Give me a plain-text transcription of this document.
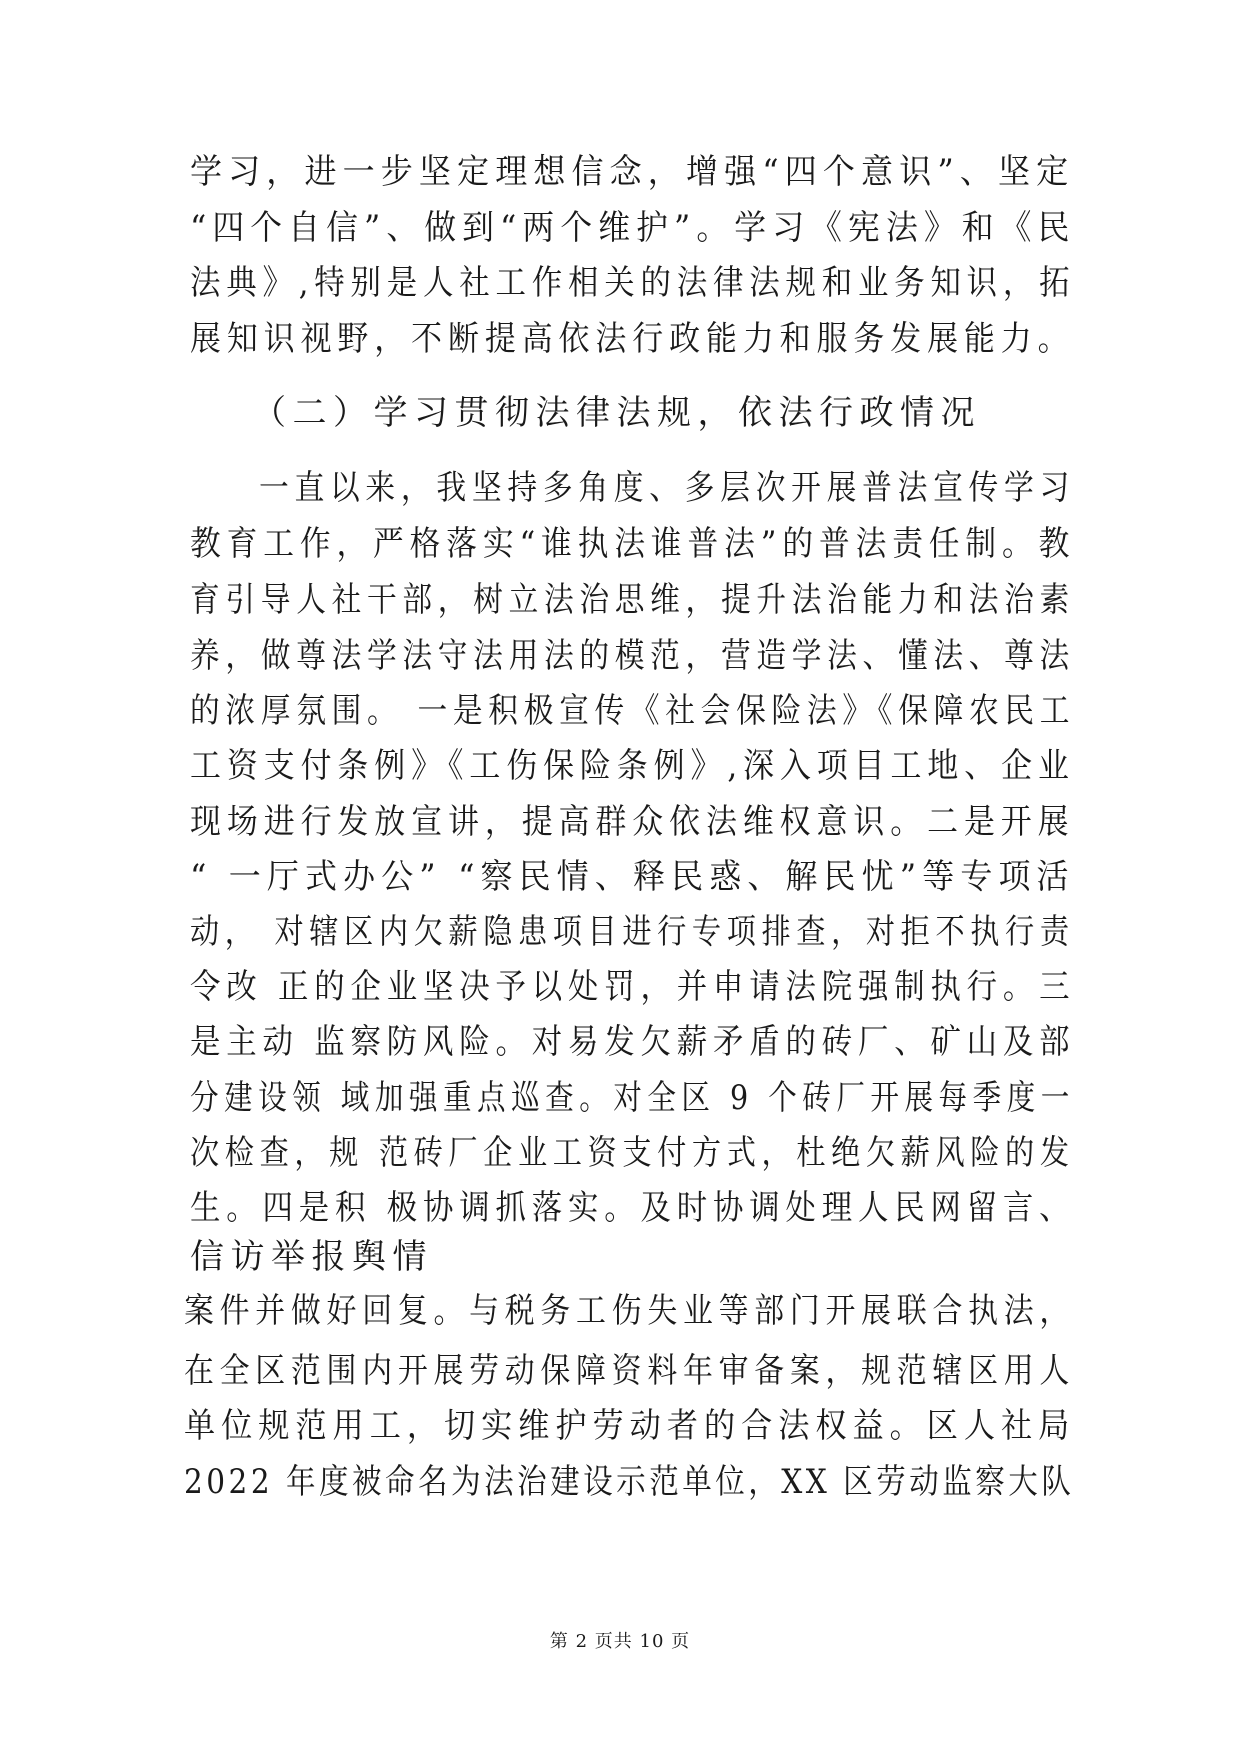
学习，进一步坚定理想信念，增强“四个意识”、坚定
“四个自信”、做到“两个维护”。学习《宪法》和《民
法典》,特别是人社工作相关的法律法规和业务知识，拓
展知识视野，不断提高依法行政能力和服务发展能力。
（二）学习贯彻法律法规，依法行政情况
一直以来，我坚持多角度、多层次开展普法宣传学习
教育工作，严格落实“谁执法谁普法”的普法责任制。教
育引导人社干部，树立法治思维，提升法治能力和法治素
养，做尊法学法守法用法的模范，营造学法、懂法、尊法
的浓厚氛围。 一是积极宣传《社会保险法》《保障农民工
工资支付条例》《工伤保险条例》,深入项目工地、企业
现场进行发放宣讲，提高群众依法维权意识。二是开展
“ 一厅式办公” “察民情、释民惑、解民忧”等专项活
动， 对辖区内欠薪隐患项目进行专项排查，对拒不执行责
令改 正的企业坚决予以处罚，并申请法院强制执行。三
是主动 监察防风险。对易发欠薪矛盾的砖厂、矿山及部
分建设领 域加强重点巡查。对全区 9 个砖厂开展每季度一
次检查，规 范砖厂企业工资支付方式，杜绝欠薪风险的发
生。四是积 极协调抓落实。及时协调处理人民网留言、
信访举报舆情
案件并做好回复。与税务工伤失业等部门开展联合执法，
在全区范围内开展劳动保障资料年审备案，规范辖区用人
单位规范用工，切实维护劳动者的合法权益。区人社局
2022 年度被命名为法治建设示范单位，XX 区劳动监察大队
第 2 页共 10 页
